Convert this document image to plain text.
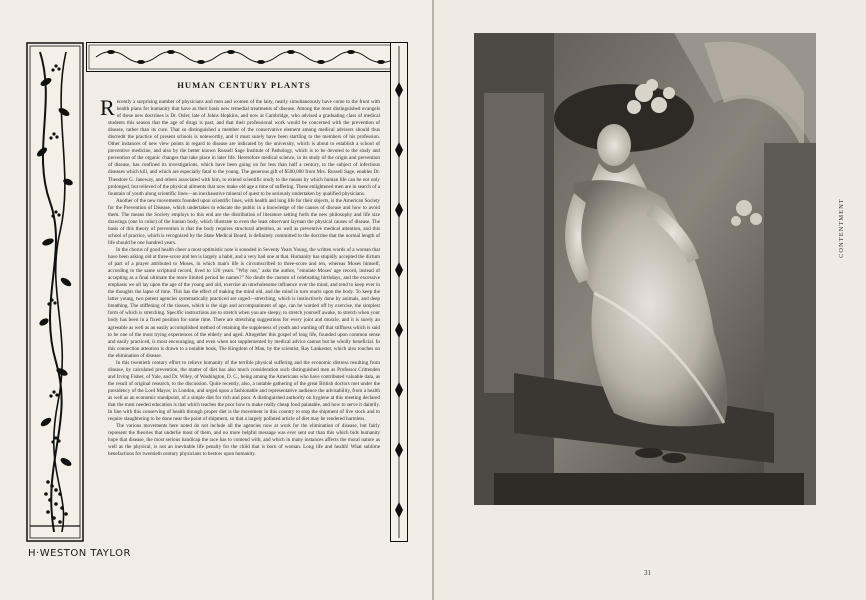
H·WESTON TAYLOR
HUMAN CENTURY PLANTS

Recently a surprising number of physicians and men and women of the laity, nearly simultaneously have come to the front with health plans for humanity that have as their basis new remedial treatments of disease. Among the most distinguished evangels of these new doctrines is Dr. Osler, late of Johns Hopkins, and now at Cambridge, who advised a graduating class of medical students this season that the age of drugs is past, and that their professional work would be concerned with the prevention of disease, rather than its cure. That so distinguished a member of the conservative element among medical advisers should thus discredit the practice of present schools is noteworthy, and it must surely have been startling to the members of his profession. Other instances of new view points in regard to disease are indicated by the university, which is about to establish a school of preventive medicine, and also by the better known Russell Sage Institute of Pathology, which is to be devoted to the study and prevention of the organic changes that take place in later life. Heretofore medical science, in its study of the origin and prevention of disease, has confined its investigations, which have been going on for less than half a century, to the subject of infectious diseases which kill, and which are especially fatal to the young. The generous gift of $500,000 from Mrs. Russell Sage, enables Dr. Theodore G. Janeway, and others associated with him, to extend scientific study to the means by which human life can be not only prolonged, but relieved of the physical ailments that now make old age a time of suffering. These enlightened men are in search of a fountain of youth along scientific lines—an inexhaustive mineral of quest to be seriously undertaken by qualified physicians.

Another of the new movements founded upon scientific lines, with health and long life for their objects, is the American Society for the Prevention of Disease, which undertakes to educate the public in a knowledge of the causes of disease and how to avoid them. The means the Society employs to this end are the distribution of literature setting forth the new philosophy and life size drawings (one in color) of the human body, which illustrate to even the least observant layman the physical causes of disease. The basis of this theory of prevention is that the body requires structural attention, as well as preventive medical attention, and this school of practice, which is recognized by the State Medical Board, is definitely committed to the doctrine that the normal length of life should be one hundred years.

In the chorus of good health cheer a most optimistic note is sounded in Seventy Years Young, the written words of a woman that have been asking old at three-score and ten is largely a habit, and a very bad one at that. Humanity has stupidly accepted the dictum of part of a prayer attributed to Moses, in which man's life is circumscribed to three-score and ten, whereas Moses himself, according to the same scriptural record, lived to 120 years. "Why not," asks the author, "emulate Moses' age record, instead of accepting as a final ultimate the more limited period he names?" No doubt the custom of celebrating birthdays, and the excessive emphasis we all lay upon the age of the young and old, exercise an unwholesome influence over the mind, and tend to keep ever in the thoughts the lapse of time. This has the effect of making the mind old, and the mind in turn reacts upon the body. To keep the latter young, two potent agencies systematically practiced are urged—stretching, which is instinctively done by animals, and deep breathing. The stiffening of the tissues, which is the sign and accompaniment of age, can be warded off by exercise, the simplest form of which is stretching. Specific instructions are to stretch when you are sleepy, to stretch yourself awake, to stretch when your body has been in a fixed position for some time. There are stretching suggestions for every joint and muscle, and it is surely an agreeable as well as an easily accomplished method of retaining the suppleness of youth and warding off that stiffness which is said to be one of the most trying experiences of the elderly and aged. Altogether this gospel of long life, founded upon common sense and easily practiced, is most encouraging, and even when not supplemented by medical advice cannot but be wholly beneficial. In this connection attention is drawn to a notable book, The Kingdom of Man, by the scientist, Ray Lankester, which also touches on the elimination of disease.

In this twentieth century effort to relieve humanity of the terrible physical suffering and the economic distress resulting from disease, by calculated prevention, the matter of diet has also much consideration such distinguished men as Professor Crittenden and Irving Fisher, of Yale, and Dr. Wiley, of Washington, D. C., being among the Americans who have contributed valuable data, as the result of original research, to the discussion. Quite recently, also, a notable gathering of the great British doctors met under the presidency of the Lord Mayor, in London, and urged upon a fashionable and representative audience the advisability, from a health as well as an economic standpoint, of a simple diet for rich and poor. A distinguished authority on hygiene at this meeting declared that the most needed education is that which teaches the poor how to make really cheap food palatable, and how to serve it daintily. In line with this conserving of health through proper diet is the movement in this country to stop the shipment of live stock and to require slaughtering to be done near the point of shipment, so that a largely polluted article of diet may be rendered harmless.

The various movements here noted do not include all the agencies now at work for the elimination of disease, but fairly represent the theories that underlie most of them, and no more helpful message was ever sent out than this which bids humanity hope that disease, the most serious handicap the race has to contend with, and which in many instances affects the moral nature as well as the physical, is not an inevitable life penalty for the child that is born of woman. Long life and health! What sublime benefactions for twentieth century physicians to bestow upon humanity.

CONTENTMENT
31
